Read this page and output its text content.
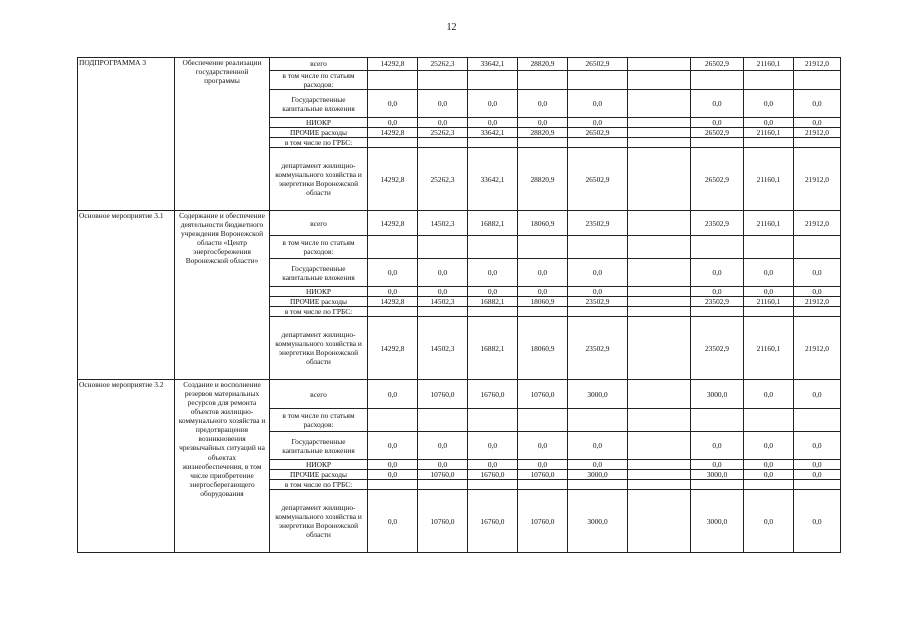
12
ПОДПРОГРАММА 3	Обеспечение реализации государственной программы	всего	14292,8	25262,3	33642,1	28820,9	26502,9		26502,9	21160,1	21912,0
		в том числе по статьям расходов:									
		Государственные капитальные вложения	0,0	0,0	0,0	0,0	0,0		0,0	0,0	0,0
		НИОКР	0,0	0,0	0,0	0,0	0,0		0,0	0,0	0,0
		ПРОЧИЕ расходы	14292,8	25262,3	33642,1	28820,9	26502,9		26502,9	21160,1	21912,0
		в том числе по ГРБС:									
		департамент жилищно-коммунального хозяйства и энергетики Воронежской области	14292,8	25262,3	33642,1	28820,9	26502,9		26502,9	21160,1	21912,0
Основное мероприятие 3.1	Содержание и обеспечение деятельности бюджетного учреждения Воронежской области «Центр энергосбережения Воронежской области»	всего	14292,8	14502,3	16882,1	18060,9	23502,9		23502,9	21160,1	21912,0
		в том числе по статьям расходов:									
		Государственные капитальные вложения	0,0	0,0	0,0	0,0	0,0		0,0	0,0	0,0
		НИОКР	0,0	0,0	0,0	0,0	0,0		0,0	0,0	0,0
		ПРОЧИЕ расходы	14292,8	14502,3	16882,1	18060,9	23502,9		23502,9	21160,1	21912,0
		в том числе по ГРБС:									
		департамент жилищно-коммунального хозяйства и энергетики Воронежской области	14292,8	14502,3	16882,1	18060,9	23502,9		23502,9	21160,1	21912,0
Основное мероприятие 3.2	Создание и восполнение резервов материальных ресурсов для ремонта объектов жилищно-коммунального хозяйства и предотвращения возникновения чрезвычайных ситуаций на объектах жизнеобеспечения, в том числе приобретение энергосберегающего оборудования	всего	0,0	10760,0	16760,0	10760,0	3000,0		3000,0	0,0	0,0
		в том числе по статьям расходов:									
		Государственные капитальные вложения	0,0	0,0	0,0	0,0	0,0		0,0	0,0	0,0
		НИОКР	0,0	0,0	0,0	0,0	0,0		0,0	0,0	0,0
		ПРОЧИЕ расходы	0,0	10760,0	16760,0	10760,0	3000,0		3000,0	0,0	0,0
		в том числе по ГРБС:									
		департамент жилищно-коммунального хозяйства и энергетики Воронежской области	0,0	10760,0	16760,0	10760,0	3000,0		3000,0	0,0	0,0
